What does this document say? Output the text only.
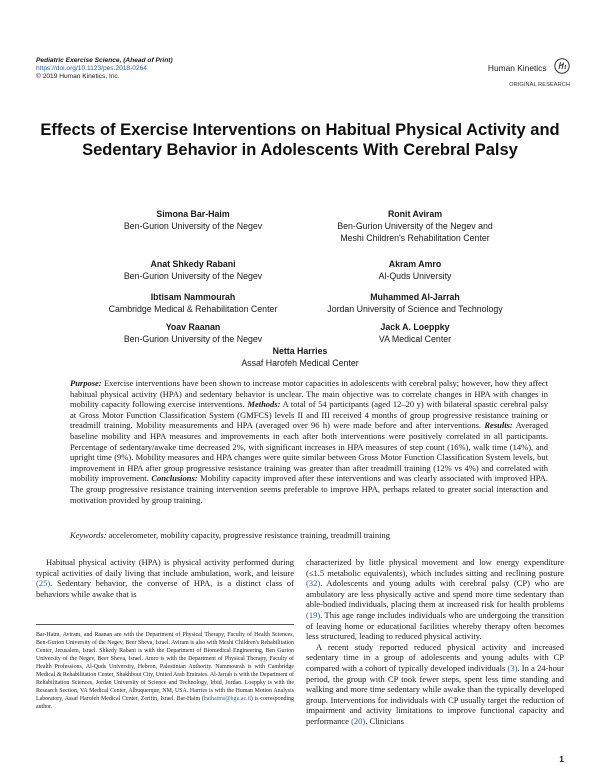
Pediatric Exercise Science, (Ahead of Print)
https://doi.org/10.1123/pes.2018-0264
© 2019 Human Kinetics, Inc.
Human Kinetics
ORIGINAL RESEARCH
Effects of Exercise Interventions on Habitual Physical Activity and Sedentary Behavior in Adolescents With Cerebral Palsy
Simona Bar-Haim
Ben-Gurion University of the Negev
Ronit Aviram
Ben-Gurion University of the Negev and
Meshi Children's Rehabilitation Center
Anat Shkedy Rabani
Ben-Gurion University of the Negev
Akram Amro
Al-Quds University
Ibtisam Nammourah
Cambridge Medical & Rehabilitation Center
Muhammed Al-Jarrah
Jordan University of Science and Technology
Yoav Raanan
Ben-Gurion University of the Negev
Jack A. Loeppky
VA Medical Center
Netta Harries
Assaf Harofeh Medical Center
Purpose: Exercise interventions have been shown to increase motor capacities in adolescents with cerebral palsy; however, how they affect habitual physical activity (HPA) and sedentary behavior is unclear. The main objective was to correlate changes in HPA with changes in mobility capacity following exercise interventions. Methods: A total of 54 participants (aged 12–20 y) with bilateral spastic cerebral palsy at Gross Motor Function Classification System (GMFCS) levels II and III received 4 months of group progressive resistance training or treadmill training. Mobility measurements and HPA (averaged over 96 h) were made before and after interventions. Results: Averaged baseline mobility and HPA measures and improvements in each after both interventions were positively correlated in all participants. Percentage of sedentary/awake time decreased 2%, with significant increases in HPA measures of step count (16%), walk time (14%), and upright time (9%). Mobility measures and HPA changes were quite similar between Gross Motor Function Classification System levels, but improvement in HPA after group progressive resistance training was greater than after treadmill training (12% vs 4%) and correlated with mobility improvement. Conclusions: Mobility capacity improved after these interventions and was clearly associated with improved HPA. The group progressive resistance training intervention seems preferable to improve HPA, perhaps related to greater social interaction and motivation provided by group training.
Keywords: accelerometer, mobility capacity, progressive resistance training, treadmill training

Habitual physical activity (HPA) is physical activity performed during typical activities of daily living that include ambulation, work, and leisure (25). Sedentary behavior, the converse of HPA, is a distinct class of behaviors while awake that is

Bar-Haim, Aviram, and Raanan are with the Department of Physical Therapy, Faculty of Health Sciences, Ben-Gurion University of the Negev, Beer Sheva, Israel. Aviram is also with Meshi Children's Rehabilitation Center, Jerusalem, Israel. Shkedy Rabani is with the Department of Biomedical Engineering, Ben Gurion University of the Negev, Beer Sheva, Israel. Amro is with the Department of Physical Therapy, Faculty of Health Professions, Al-Quds University, Hebron, Palestinian Authority. Nammourah is with Cambridge Medical & Rehabilitation Center, Shakhbout City, United Arab Emirates. Al-Jarrah is with the Department of Rehabilitation Sciences, Jordan University of Science and Technology, Irbid, Jordan. Loeppky is with the Research Section, VA Medical Center, Albuquerque, NM, USA. Harries is with the Human Motion Analysis Laboratory, Assaf Harofeh Medical Center, Zerifin, Israel. Bar-Haim (bathaims@bgu.ac.il) is corresponding author.

characterized by little physical movement and low energy expenditure (≤1.5 metabolic equivalents), which includes sitting and reclining posture (32). Adolescents and young adults with cerebral palsy (CP) who are ambulatory are less physically active and spend more time sedentary than able-bodied individuals, placing them at increased risk for health problems (19). This age range includes individuals who are undergoing the transition of leaving home or educational facilities whereby therapy often becomes less structured, leading to reduced physical activity.

A recent study reported reduced physical activity and increased sedentary time in a group of adolescents and young adults with CP compared with a cohort of typically developed individuals (3). In a 24-hour period, the group with CP took fewer steps, spent less time standing and walking and more time sedentary while awake than the typically developed group. Interventions for individuals with CP usually target the reduction of impairment and activity limitations to improve functional capacity and performance (20). Clinicians

1
